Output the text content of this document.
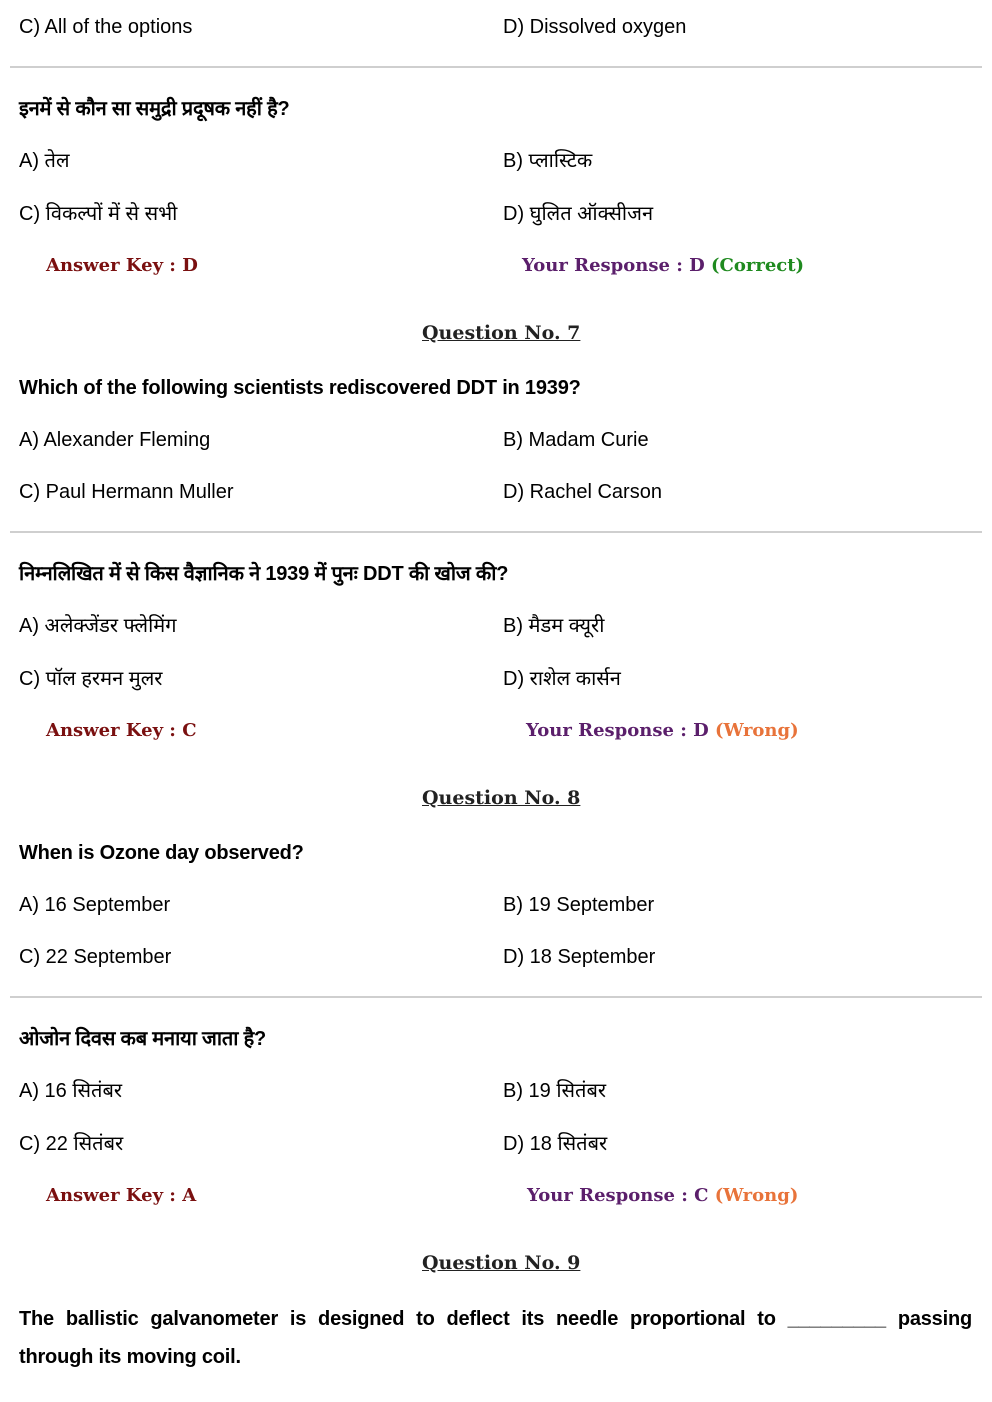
C) All of the options	D) Dissolved oxygen
इनमें से कौन सा समुद्री प्रदूषक नहीं है?
A) तेल	B) प्लास्टिक
C) विकल्पों में से सभी	D) घुलित ऑक्सीजन
Answer Key : D	Your Response : D (Correct)
Question No. 7
Which of the following scientists rediscovered DDT in 1939?
A) Alexander Fleming	B) Madam Curie
C) Paul Hermann Muller	D) Rachel Carson
निम्नलिखित में से किस वैज्ञानिक ने 1939 में पुनः DDT की खोज की?
A) अलेक्जेंडर फ्लेमिंग	B) मैडम क्यूरी
C) पॉल हरमन मुलर	D) राशेल कार्सन
Answer Key : C	Your Response : D (Wrong)
Question No. 8
When is Ozone day observed?
A) 16 September	B) 19 September
C) 22 September	D) 18 September
ओजोन दिवस कब मनाया जाता है?
A) 16 सितंबर	B) 19 सितंबर
C) 22 सितंबर	D) 18 सितंबर
Answer Key : A	Your Response : C (Wrong)
Question No. 9
The ballistic galvanometer is designed to deflect its needle proportional to _________ passing through its moving coil.
